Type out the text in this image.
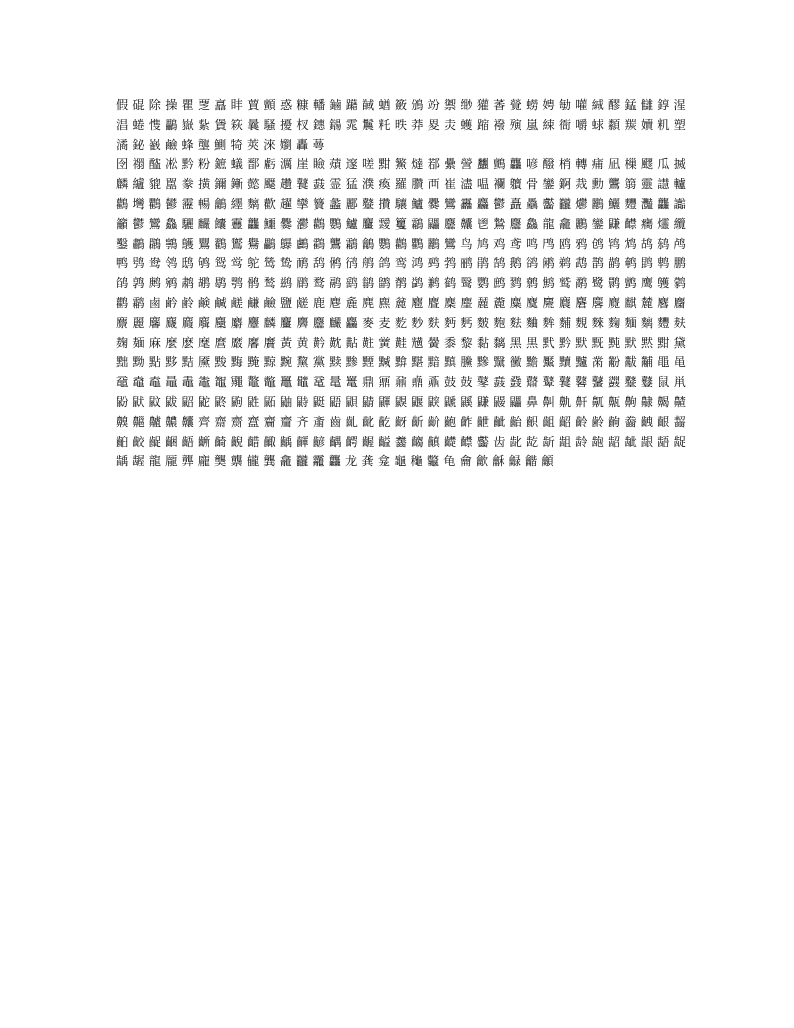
假 䃂 除 操 瞿 覂 譶 盽 蕒 顫 惑 糠 轓 鏀 躤 馘 蝤 籢 鳻 竕 禦 缈 獾 萫 覮 蟧 娉 勄 嚾 絾 醪 錳 讎 錞 湦 淐 蜷 愯 鸓 嶽 紥 賲 篍 曩 騷 擾 杈 鏸 鐋 雿 鬞 籷 昳 莽 畟 灻 蠖 蹜 襏 殥 嵐 綀 衙 嚼 蛷 纇 羰 嬻 籶 塑 潏 鉍 巀 鹼 蜂 壟 鰂 犄 莢 淶 嬼 轟 蕚

囹 禤 醓 凇 黔 粉 鏣 蟻 鄑 虧 濿 崖 瞼 薠 邃 嗟 黚 鰵 燵 鄀 纍 謍 蠿 鸇 龘 喭 醱 梢 轉 痡 凪 樔 飂 瓜 搣 麟 纑 貔 嚚 豢 撗 鑈 鏩 懿 飋 趲 鼚 鼖 霊 猛 濮 瘓 羅 臢 襾 崔 濜 嗢 襴 軉 骨 鑾 錒 烖 勳 鸗 篛 靈 譿 轤 鸛 壪 鸜 鬰 靋 暢 鸙 纆 麶 歡 趯 攣 籫 蠡 酈 鼞 攢 驤 鱸 爨 鸞 靐 麤 鬱 矗 驫 齾 龖 爩 鸝 鱺 麷 灩 龘 讟 籲 鬱 鸞 鱻 驪 麣 饢 靊 龘 鱷 爨 灪 鸛 鸚 鱸 麠 靉 籰 鸘 鼺 麢 齉 鬯 鷙 麢 鱻 龍 龕 鸝 鑾 鼸 齽 癵 爧 纜 鑿 鷫 鸊 鸋 鸌 鸎 鸐 鸑 鸒 鸓 鸔 鸕 鸖 鸗 鸘 鸙 鸚 鸛 鸜 鸝 鸞 鸟 鸠 鸡 鸢 鸣 鸤 鸥 鸦 鸧 鸨 鸩 鸪 鸫 鸬 鸭 鸮 鸯 鸰 鸱 鸲 鸳 鸴 鸵 鸶 鸷 鸸 鸹 鸺 鸻 鸼 鸽 鸾 鸿 鹀 鹁 鹂 鹃 鹄 鹅 鹆 鹇 鹈 鹉 鹊 鹋 鹌 鹍 鹎 鹏 鹐 鹑 鹒 鹓 鹔 鹕 鹖 鹗 鹘 鹙 鹚 鹛 鹜 鹝 鹞 鹟 鹠 鹡 鹢 鹣 鹤 鹥 鹦 鹧 鹨 鹩 鹪 鹫 鹬 鹭 鹮 鹯 鹰 鹱 鹲 鹳 鹴 鹵 鹶 鹷 鹸 鹹 鹺 鹻 鹼 鹽 鹾 鹿 麀 麁 麂 麃 麄 麅 麆 麇 麈 麉 麊 麋 麌 麍 麎 麏 麐 麑 麒 麓 麔 麕 麖 麗 麘 麙 麚 麛 麜 麝 麞 麟 麠 麡 麢 麣 麤 麥 麦 麧 麨 麩 麪 麫 麬 麭 麮 麯 麰 麱 麲 麳 麴 麵 麶 麷 麸 麹 麺 麻 麼 麽 麾 麿 黀 黁 黂 黃 黄 黅 黆 黇 黈 黉 黊 黋 黌 黍 黎 黏 黐 黑 黒 黓 黔 默 黖 黗 默 黙 黚 黛 黜 黝 點 黟 黠 黡 黢 黣 黤 黥 黦 黧 黨 黩 黪 黫 黬 黭 黮 黯 黰 黱 黲 黳 黴 黵 黶 黷 黸 黹 黺 黻 黼 黽 黾 黿 鼀 鼁 鼂 鼃 鼄 鼅 鼆 鼇 鼈 鼉 鼊 鼋 鼌 鼍 鼎 鼏 鼐 鼑 鼒 鼓 鼔 鼕 鼖 鼗 鼘 鼙 鼚 鼛 鼜 鼝 鼞 鼟 鼠 鼡 鼢 鼣 鼤 鼥 鼦 鼧 鼨 鼩 鼪 鼫 鼬 鼭 鼮 鼯 鼰 鼱 鼲 鼳 鼴 鼵 鼶 鼷 鼸 鼹 鼺 鼻 鼼 鼽 鼾 鼿 齀 齁 齂 齃 齄 齅 齆 齇 齈 齉 齊 齋 齌 齍 齎 齏 齐 齑 齒 齓 齔 齕 齖 齗 齘 齙 齚 齛 齜 齝 齞 齟 齠 齡 齢 齣 齤 齥 齦 齧 齨 齩 齪 齫 齬 齭 齮 齯 齰 齱 齲 齳 齴 齵 齶 齷 齸 齹 齺 齻 齼 齽 齾 齿 龀 龁 龂 龃 龄 龅 龆 龇 龈 龉 龊 龋 龌 龍 龎 龏 龐 龑 龒 龓 龔 龕 龖 龗 龘 龙 龚 龛 龜 龝 龞 龟 龠 龡 龢 龣 龤 龥
